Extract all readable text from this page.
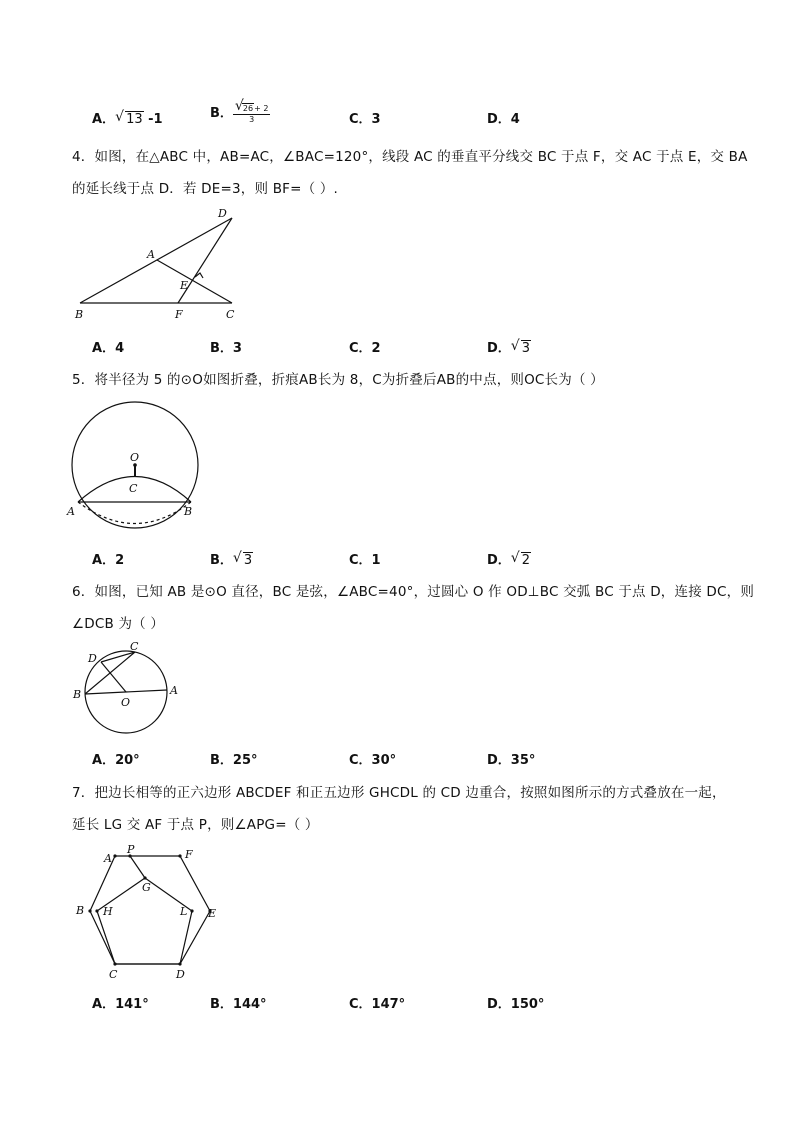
A． √ 13 -1	B． √ $\frac{26+ 2}{3}$	C．3	D．4
4．如图，在△ABC 中，AB=AC，∠BAC=120°，线段 AC 的垂直平分线交 BC 于点 F，交 AC 于点 E，交 BA
的延长线于点 D．若 DE=3，则 BF=（ ）.
D
A
E
B	F	C
A．4	B．3	C．2	D． √ 3
5．将半径为 5 的⊙O如图折叠，折痕AB长为 8，C为折叠后AB的中点，则OC长为（ ）
O
C
A	B
A．2	B． √ 3	C．1	D． √ 2
6．如图，已知 AB 是⊙O 直径，BC 是弦，∠ABC=40°，过圆心 O 作 OD⊥BC 交弧 BC 于点 D，连接 DC，则
∠DCB 为（ ）
C
D
B	A
O
A．20°	B．25°	C．30°	D．35°
7．把边长相等的正六边形 ABCDEF 和正五边形 GHCDL 的 CD 边重合，按照如图所示的方式叠放在一起，
延长 LG 交 AF 于点 P，则∠APG=（ ）
A
P	F
G
B H	L E
C	D
A．141°	B．144°	C．147°	D．150°
